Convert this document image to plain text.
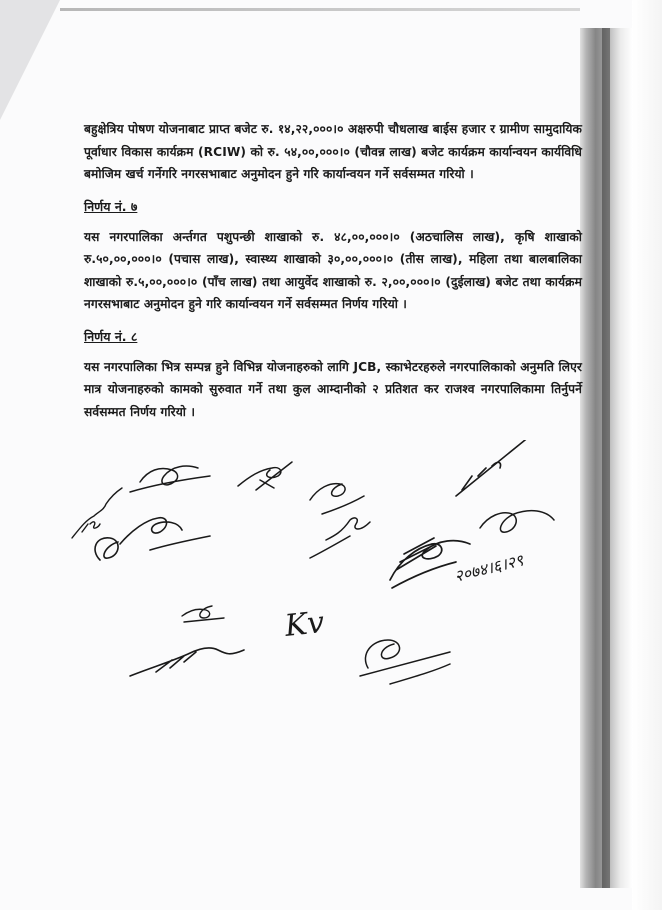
बहुक्षेत्रिय पोषण योजनाबाट प्राप्त बजेट रु. १४,२२,०००।० अक्षरुपी चौधलाख बाईस हजार र ग्रामीण सामुदायिक पूर्वाधार विकास कार्यक्रम (RCIW) को रु. ५४,००,०००।० (चौवन्न लाख) बजेट कार्यक्रम कार्यान्वयन कार्यविधि बमोजिम खर्च गर्नेगरि नगरसभाबाट अनुमोदन हुने गरि कार्यान्वयन गर्ने सर्वसम्मत गरियो ।

निर्णय नं. ७

यस नगरपालिका अर्न्तगत पशुपन्छी शाखाको रु. ४८,००,०००।० (अठचालिस लाख), कृषि शाखाको रु.५०,००,०००।० (पचास लाख), स्वास्थ्य शाखाको ३०,००,०००।० (तीस लाख), महिला तथा बालबालिका शाखाको रु.५,००,०००।० (पाँच लाख) तथा आयुर्वेद शाखाको रु. २,००,०००।० (दुईलाख) बजेट तथा कार्यक्रम नगरसभाबाट अनुमोदन हुने गरि कार्यान्वयन गर्ने सर्वसम्मत निर्णय गरियो ।

निर्णय नं. ८

यस नगरपालिका भित्र सम्पन्न हुने विभिन्न योजनाहरुको लागि JCB, स्काभेटरहरुले नगरपालिकाको अनुमति लिएर मात्र योजनाहरुको कामको सुरुवात गर्ने तथा कुल आम्दानीको २ प्रतिशत कर राजश्व नगरपालिकामा तिर्नुपर्ने सर्वसम्मत निर्णय गरियो ।

Kv
२०७४।६।२९
